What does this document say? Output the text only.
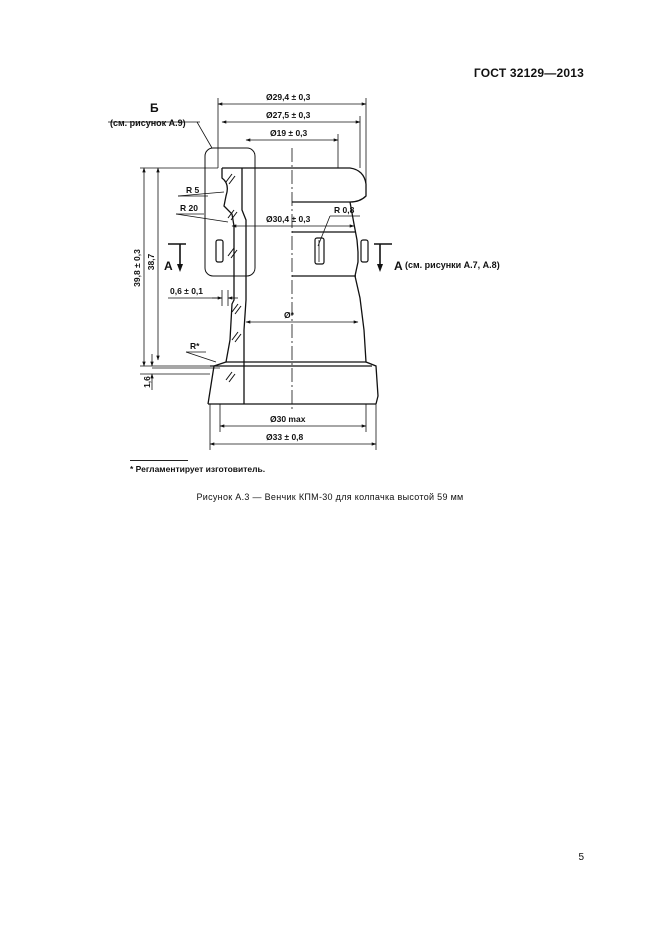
ГОСТ 32129—2013
Ø29,4 ± 0,3
Ø27,5 ± 0,3
Ø19 ± 0,3
Ø30,4 ± 0,3
Ø*
Ø30 max
Ø33 ± 0,8
R 5
R 20	R 0,8
R*
0,6 ± 0,1
39,8 ± 0,3 38,7
1,6
Б
(см. рисунок А.9)
А	А (см. рисунки А.7, А.8)
* Регламентирует изготовитель.
Рисунок А.3 — Венчик КПМ-30 для колпачка высотой 59 мм
5
